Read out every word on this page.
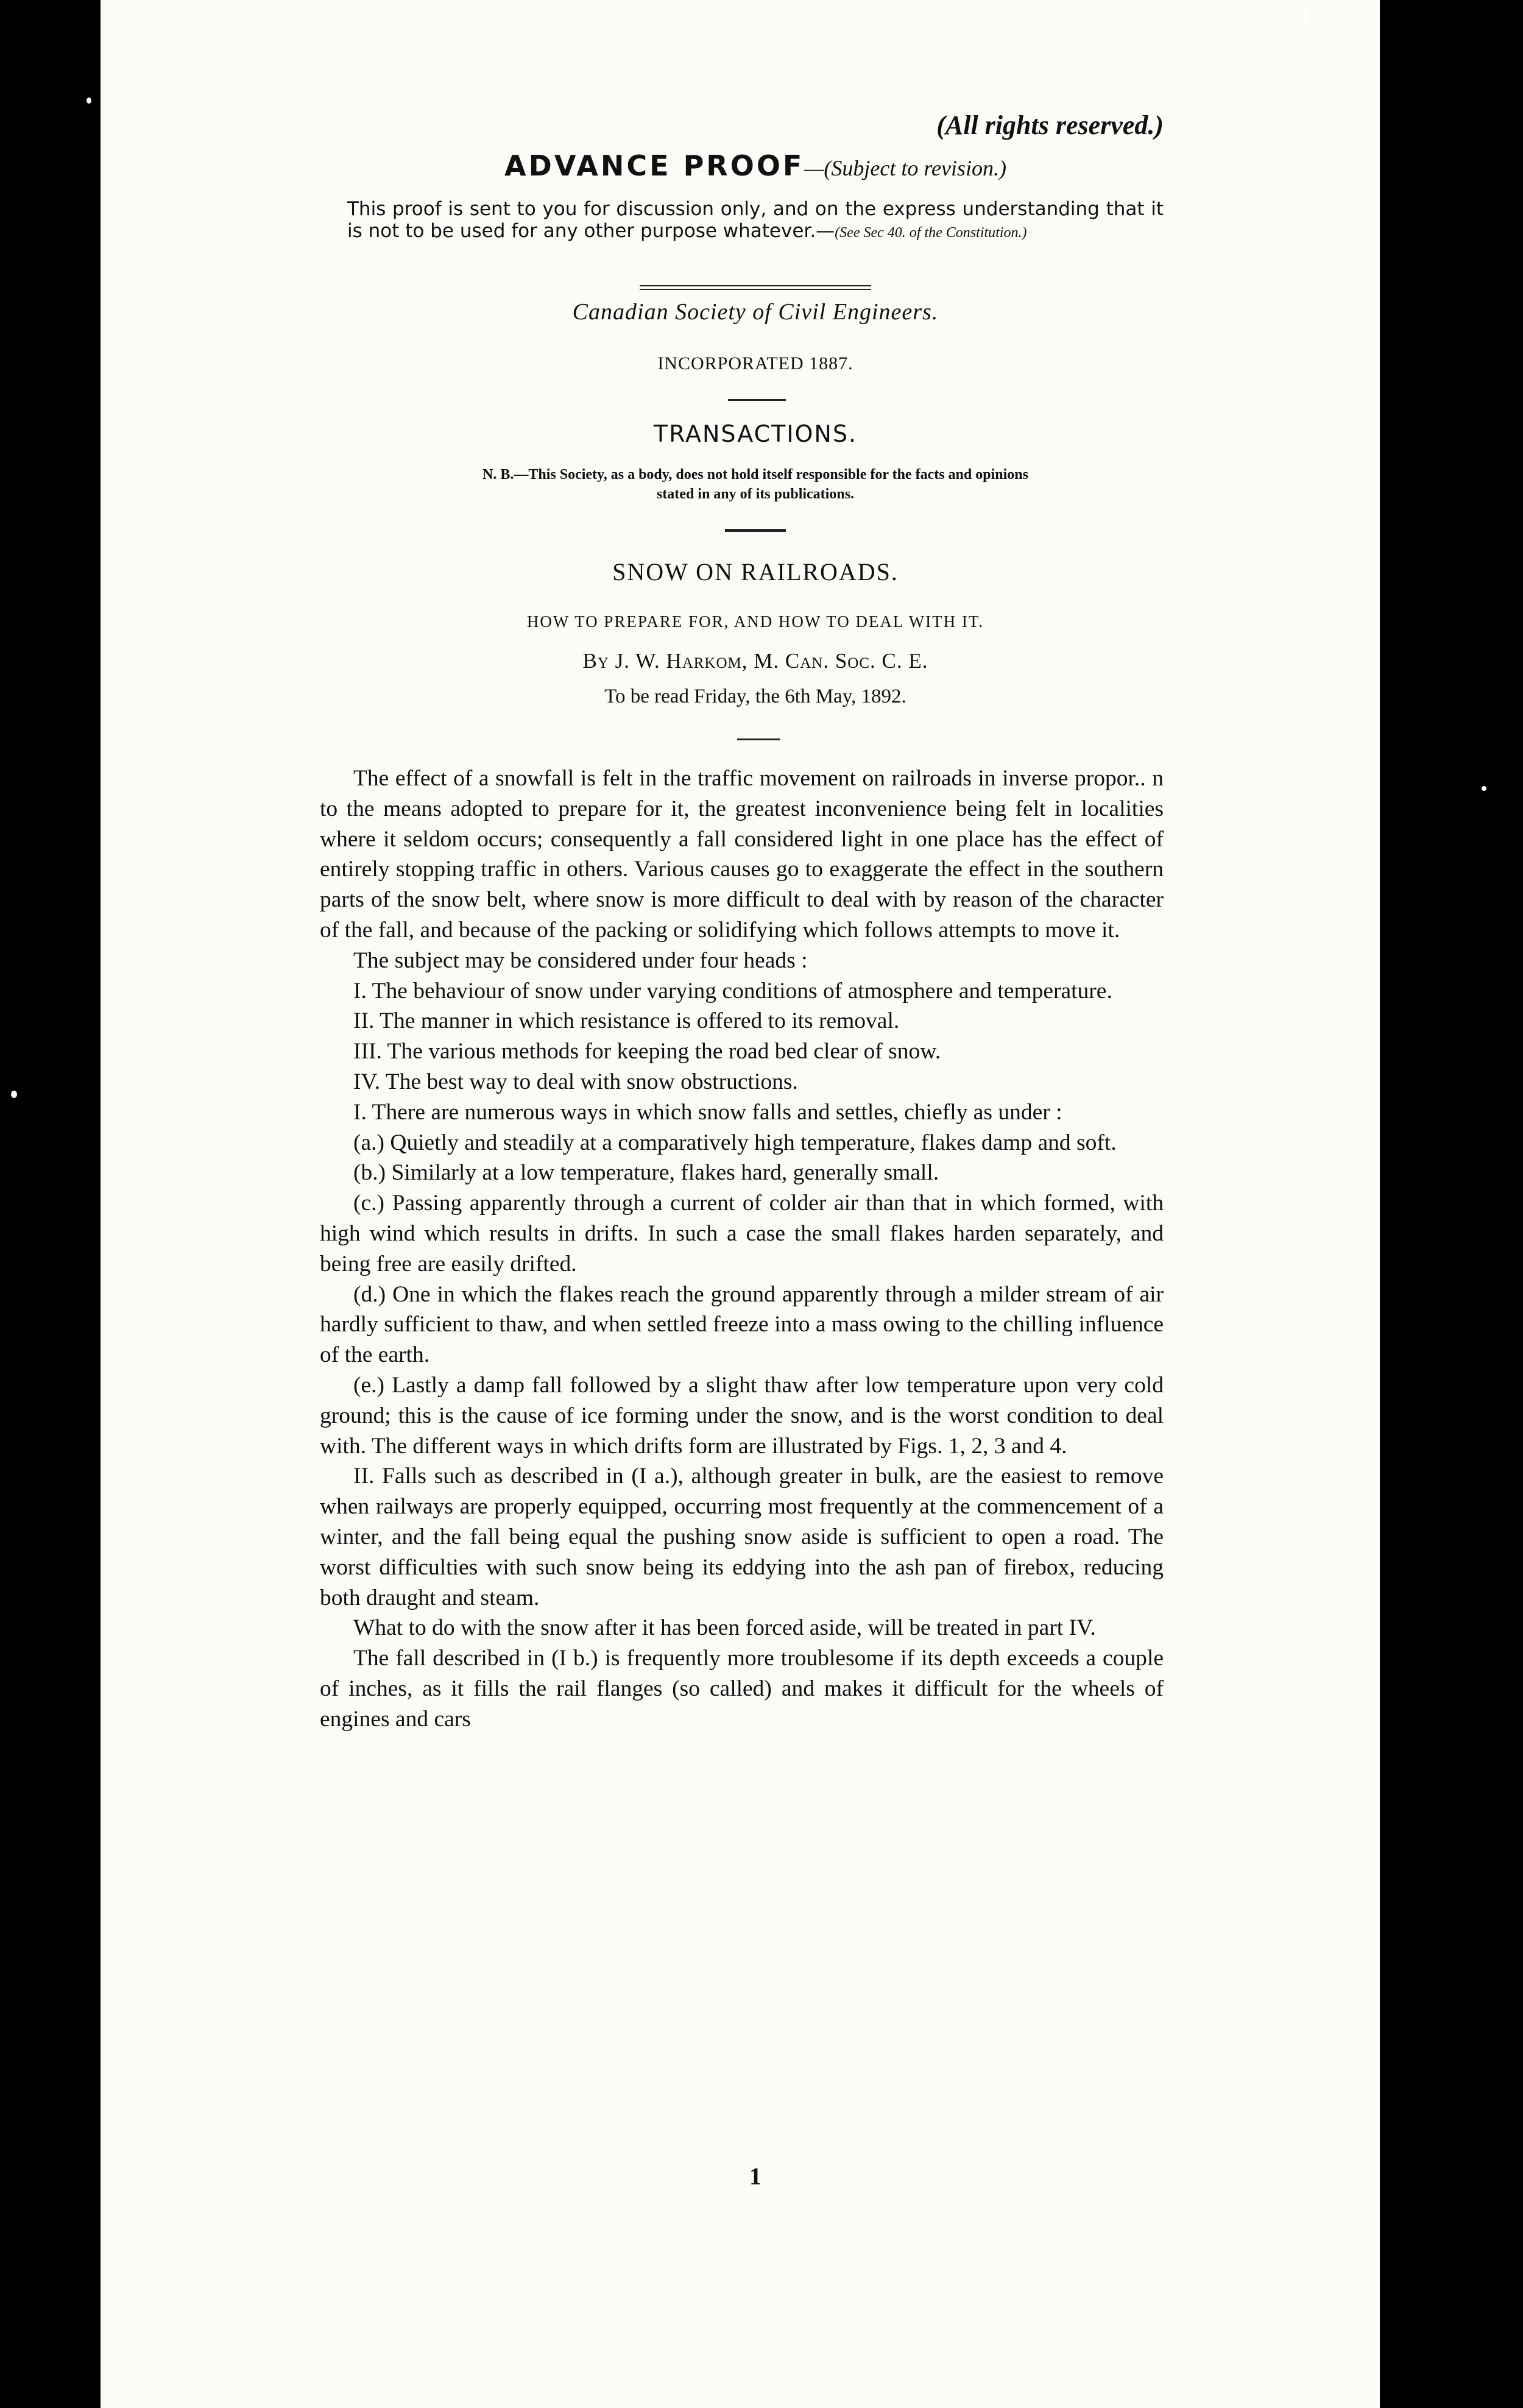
(All rights reserved.)
ADVANCE PROOF—(Subject to revision.)
This proof is sent to you for discussion only, and on the express understanding that it is not to be used for any other purpose whatever.—(See Sec 40. of the Constitution.)
Canadian Society of Civil Engineers.
INCORPORATED 1887.
TRANSACTIONS.
N. B.—This Society, as a body, does not hold itself responsible for the facts and opinions
stated in any of its publications.
SNOW ON RAILROADS.
HOW TO PREPARE FOR, AND HOW TO DEAL WITH IT.
By J. W. Harkom, M. Can. Soc. C. E.
To be read Friday, the 6th May, 1892.

The effect of a snowfall is felt in the traffic movement on railroads in inverse propor.. n to the means adopted to prepare for it, the greatest inconvenience being felt in localities where it seldom occurs; consequently a fall considered light in one place has the effect of entirely stopping traffic in others. Various causes go to exaggerate the effect in the southern parts of the snow belt, where snow is more difficult to deal with by reason of the character of the fall, and because of the packing or solidifying which follows attempts to move it.

The subject may be considered under four heads :

I. The behaviour of snow under varying conditions of atmosphere and temperature.

II. The manner in which resistance is offered to its removal.

III. The various methods for keeping the road bed clear of snow.

IV. The best way to deal with snow obstructions.

I. There are numerous ways in which snow falls and settles, chiefly as under :

(a.) Quietly and steadily at a comparatively high temperature, flakes damp and soft.

(b.) Similarly at a low temperature, flakes hard, generally small.

(c.) Passing apparently through a current of colder air than that in which formed, with high wind which results in drifts. In such a case the small flakes harden separately, and being free are easily drifted.

(d.) One in which the flakes reach the ground apparently through a milder stream of air hardly sufficient to thaw, and when settled freeze into a mass owing to the chilling influence of the earth.

(e.) Lastly a damp fall followed by a slight thaw after low temperature upon very cold ground; this is the cause of ice forming under the snow, and is the worst condition to deal with. The different ways in which drifts form are illustrated by Figs. 1, 2, 3 and 4.

II. Falls such as described in (I a.), although greater in bulk, are the easiest to remove when railways are properly equipped, occurring most frequently at the commencement of a winter, and the fall being equal the pushing snow aside is sufficient to open a road. The worst difficulties with such snow being its eddying into the ash pan of firebox, reducing both draught and steam.

What to do with the snow after it has been forced aside, will be treated in part IV.

The fall described in (I b.) is frequently more troublesome if its depth exceeds a couple of inches, as it fills the rail flanges (so called) and makes it difficult for the wheels of engines and cars

1
